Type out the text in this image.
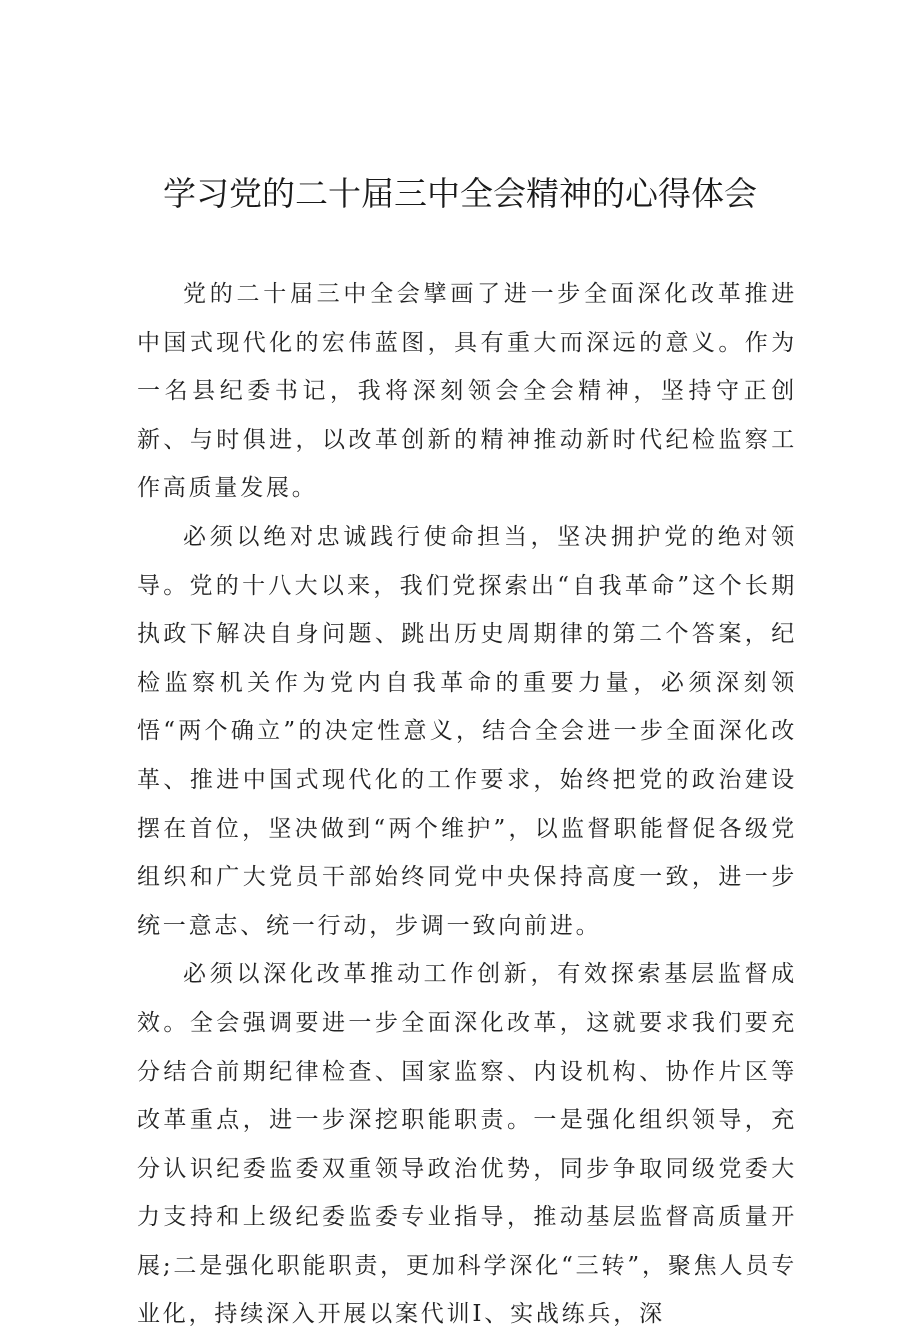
学习党的二十届三中全会精神的心得体会

党的二十届三中全会擘画了进一步全面深化改革推进中国式现代化的宏伟蓝图，具有重大而深远的意义。作为一名县纪委书记，我将深刻领会全会精神，坚持守正创新、与时俱进，以改革创新的精神推动新时代纪检监察工作高质量发展。

必须以绝对忠诚践行使命担当，坚决拥护党的绝对领导。党的十八大以来，我们党探索出“自我革命”这个长期执政下解决自身问题、跳出历史周期律的第二个答案，纪检监察机关作为党内自我革命的重要力量，必须深刻领悟“两个确立”的决定性意义，结合全会进一步全面深化改革、推进中国式现代化的工作要求，始终把党的政治建设摆在首位，坚决做到“两个维护”，以监督职能督促各级党组织和广大党员干部始终同党中央保持高度一致，进一步统一意志、统一行动，步调一致向前进。

必须以深化改革推动工作创新，有效探索基层监督成效。全会强调要进一步全面深化改革，这就要求我们要充分结合前期纪律检查、国家监察、内设机构、协作片区等改革重点，进一步深挖职能职责。一是强化组织领导，充分认识纪委监委双重领导政治优势，同步争取同级党委大力支持和上级纪委监委专业指导，推动基层监督高质量开展;二是强化职能职责，更加科学深化“三转”，聚焦人员专业化，持续深入开展以案代训I、实战练兵，深
